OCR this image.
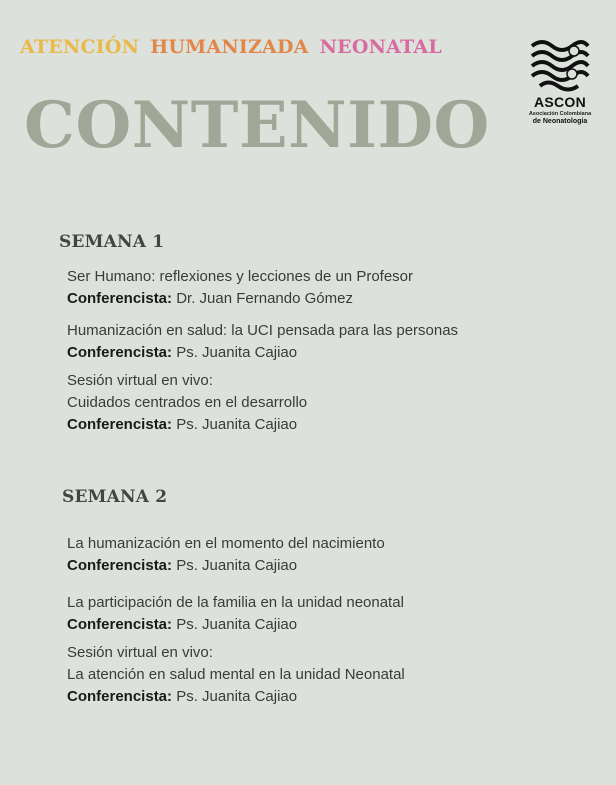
ATENCIÓN HUMANIZADA NEONATAL
CONTENIDO	ASCON
Asociación Colombiana
de Neonatología
SEMANA 1
Ser Humano: reflexiones y lecciones de un Profesor
Conferencista: Dr. Juan Fernando Gómez
Humanización en salud: la UCI pensada para las personas
Conferencista: Ps. Juanita Cajiao
Sesión virtual en vivo:
Cuidados centrados en el desarrollo
Conferencista: Ps. Juanita Cajiao
SEMANA 2
La humanización en el momento del nacimiento
Conferencista: Ps. Juanita Cajiao
La participación de la familia en la unidad neonatal
Conferencista: Ps. Juanita Cajiao
Sesión virtual en vivo:
La atención en salud mental en la unidad Neonatal
Conferencista: Ps. Juanita Cajiao
